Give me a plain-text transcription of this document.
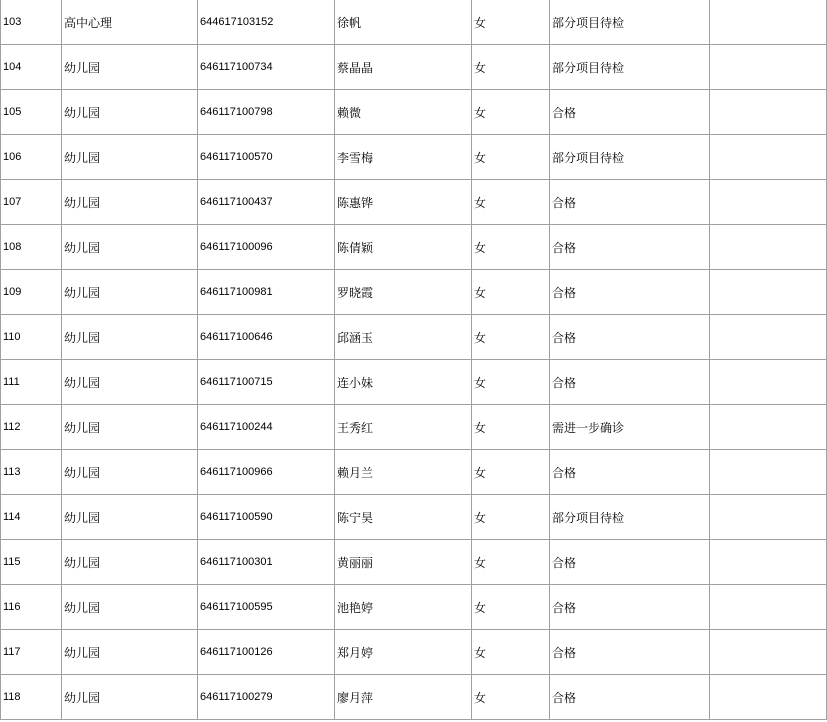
103	高中心理	644617103152	徐帆	女	部分项目待检	
104	幼儿园	646117100734	蔡晶晶	女	部分项目待检	
105	幼儿园	646117100798	赖微	女	合格	
106	幼儿园	646117100570	李雪梅	女	部分项目待检	
107	幼儿园	646117100437	陈惠铧	女	合格	
108	幼儿园	646117100096	陈倩颖	女	合格	
109	幼儿园	646117100981	罗晓霞	女	合格	
110	幼儿园	646117100646	邱涵玉	女	合格	
111	幼儿园	646117100715	连小妹	女	合格	
112	幼儿园	646117100244	王秀红	女	需进一步确诊	
113	幼儿园	646117100966	赖月兰	女	合格	
114	幼儿园	646117100590	陈宁昊	女	部分项目待检	
115	幼儿园	646117100301	黄丽丽	女	合格	
116	幼儿园	646117100595	池艳婷	女	合格	
117	幼儿园	646117100126	郑月婷	女	合格	
118	幼儿园	646117100279	廖月萍	女	合格	
